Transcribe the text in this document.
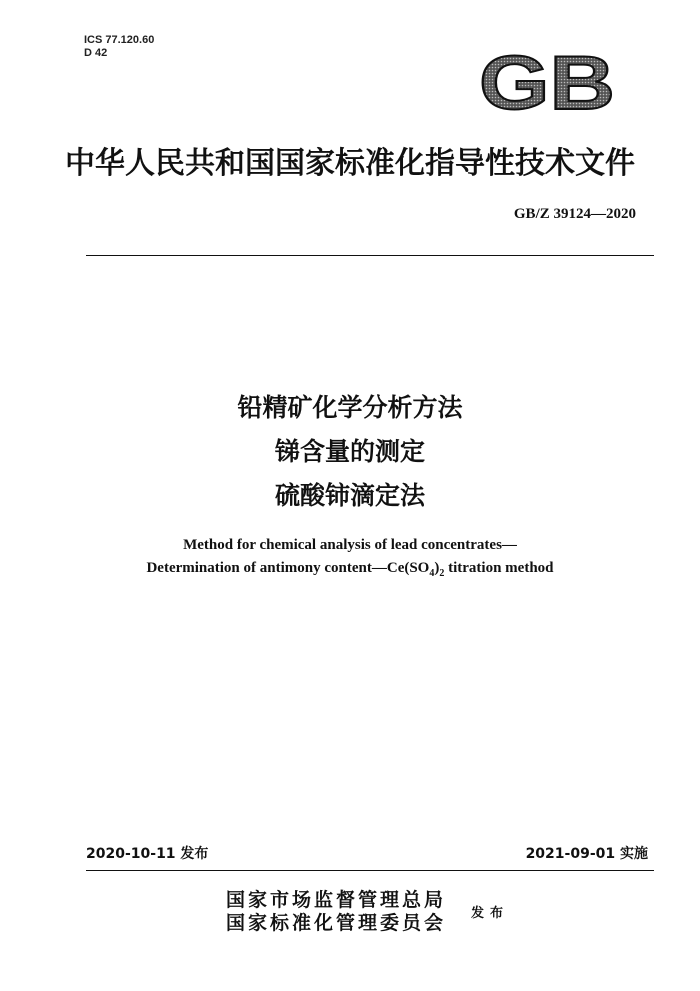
ICS 77.120.60
D 42	GB
中华人民共和国国家标准化指导性技术文件
GB/Z 39124—2020
铅精矿化学分析方法
锑含量的测定
硫酸铈滴定法
Method for chemical analysis of lead concentrates—
Determination of antimony $content—Ce(SO_4)_2$ titration method
2020-10-11 发布	2021-09-01 实施
国家市场监督管理总局
国家标准化管理委员会 发布
